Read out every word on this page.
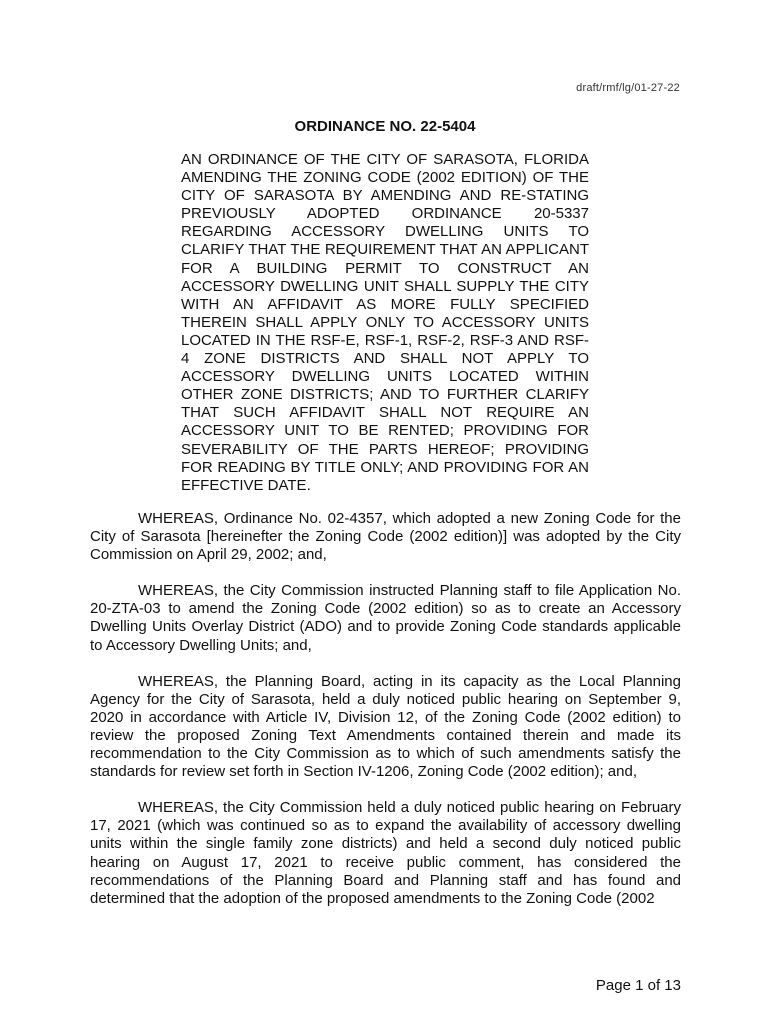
draft/rmf/lg/01-27-22
ORDINANCE NO. 22-5404
AN ORDINANCE OF THE CITY OF SARASOTA, FLORIDA AMENDING THE ZONING CODE (2002 EDITION) OF THE CITY OF SARASOTA BY AMENDING AND RE-STATING PREVIOUSLY ADOPTED ORDINANCE 20-5337 REGARDING ACCESSORY DWELLING UNITS TO CLARIFY THAT THE REQUIREMENT THAT AN APPLICANT FOR A BUILDING PERMIT TO CONSTRUCT AN ACCESSORY DWELLING UNIT SHALL SUPPLY THE CITY WITH AN AFFIDAVIT AS MORE FULLY SPECIFIED THEREIN SHALL APPLY ONLY TO ACCESSORY UNITS LOCATED IN THE RSF-E, RSF-1, RSF-2, RSF-3 AND RSF-4 ZONE DISTRICTS AND SHALL NOT APPLY TO ACCESSORY DWELLING UNITS LOCATED WITHIN OTHER ZONE DISTRICTS; AND TO FURTHER CLARIFY THAT SUCH AFFIDAVIT SHALL NOT REQUIRE AN ACCESSORY UNIT TO BE RENTED; PROVIDING FOR SEVERABILITY OF THE PARTS HEREOF; PROVIDING FOR READING BY TITLE ONLY; AND PROVIDING FOR AN EFFECTIVE DATE.

WHEREAS, Ordinance No. 02-4357, which adopted a new Zoning Code for the City of Sarasota [hereinefter the Zoning Code (2002 edition)] was adopted by the City Commission on April 29, 2002; and,

WHEREAS, the City Commission instructed Planning staff to file Application No. 20-ZTA-03 to amend the Zoning Code (2002 edition) so as to create an Accessory Dwelling Units Overlay District (ADO) and to provide Zoning Code standards applicable to Accessory Dwelling Units; and,

WHEREAS, the Planning Board, acting in its capacity as the Local Planning Agency for the City of Sarasota, held a duly noticed public hearing on September 9, 2020 in accordance with Article IV, Division 12, of the Zoning Code (2002 edition) to review the proposed Zoning Text Amendments contained therein and made its recommendation to the City Commission as to which of such amendments satisfy the standards for review set forth in Section IV-1206, Zoning Code (2002 edition); and,

WHEREAS, the City Commission held a duly noticed public hearing on February 17, 2021 (which was continued so as to expand the availability of accessory dwelling units within the single family zone districts) and held a second duly noticed public hearing on August 17, 2021 to receive public comment, has considered the recommendations of the Planning Board and Planning staff and has found and determined that the adoption of the proposed amendments to the Zoning Code (2002

Page 1 of 13
